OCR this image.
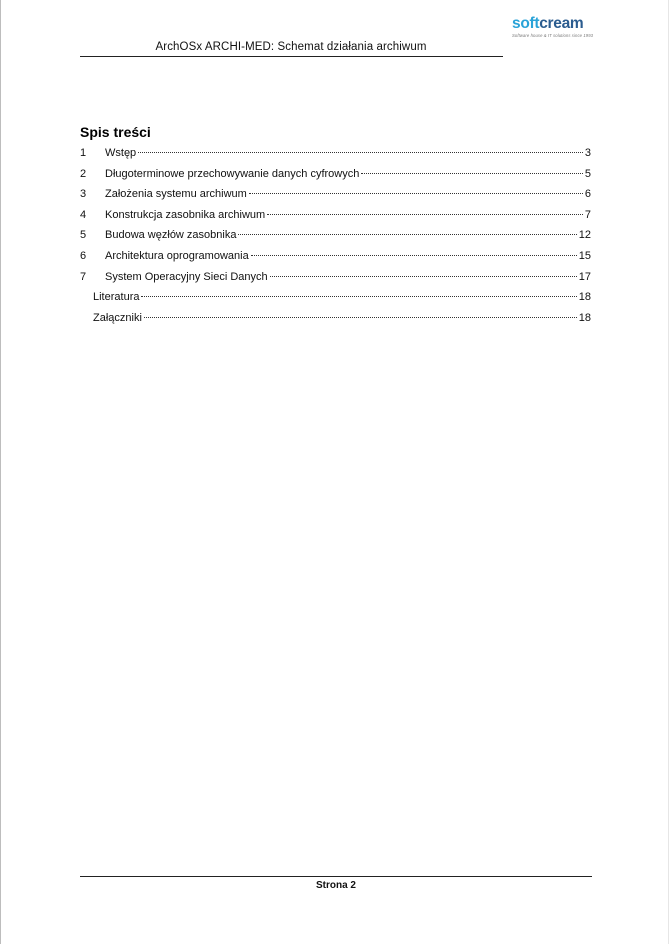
ArchOSx ARCHI-MED: Schemat działania archiwum
softcream
Software house & IT solutions since 1993
Spis treści
1	Wstęp	3
2	Długoterminowe przechowywanie danych cyfrowych	5
3	Założenia systemu archiwum	6
4	Konstrukcja zasobnika archiwum	7
5	Budowa węzłów zasobnika	12
6	Architektura oprogramowania	15
7	System Operacyjny Sieci Danych	17
Literatura	18
Załączniki	18
Strona 2
